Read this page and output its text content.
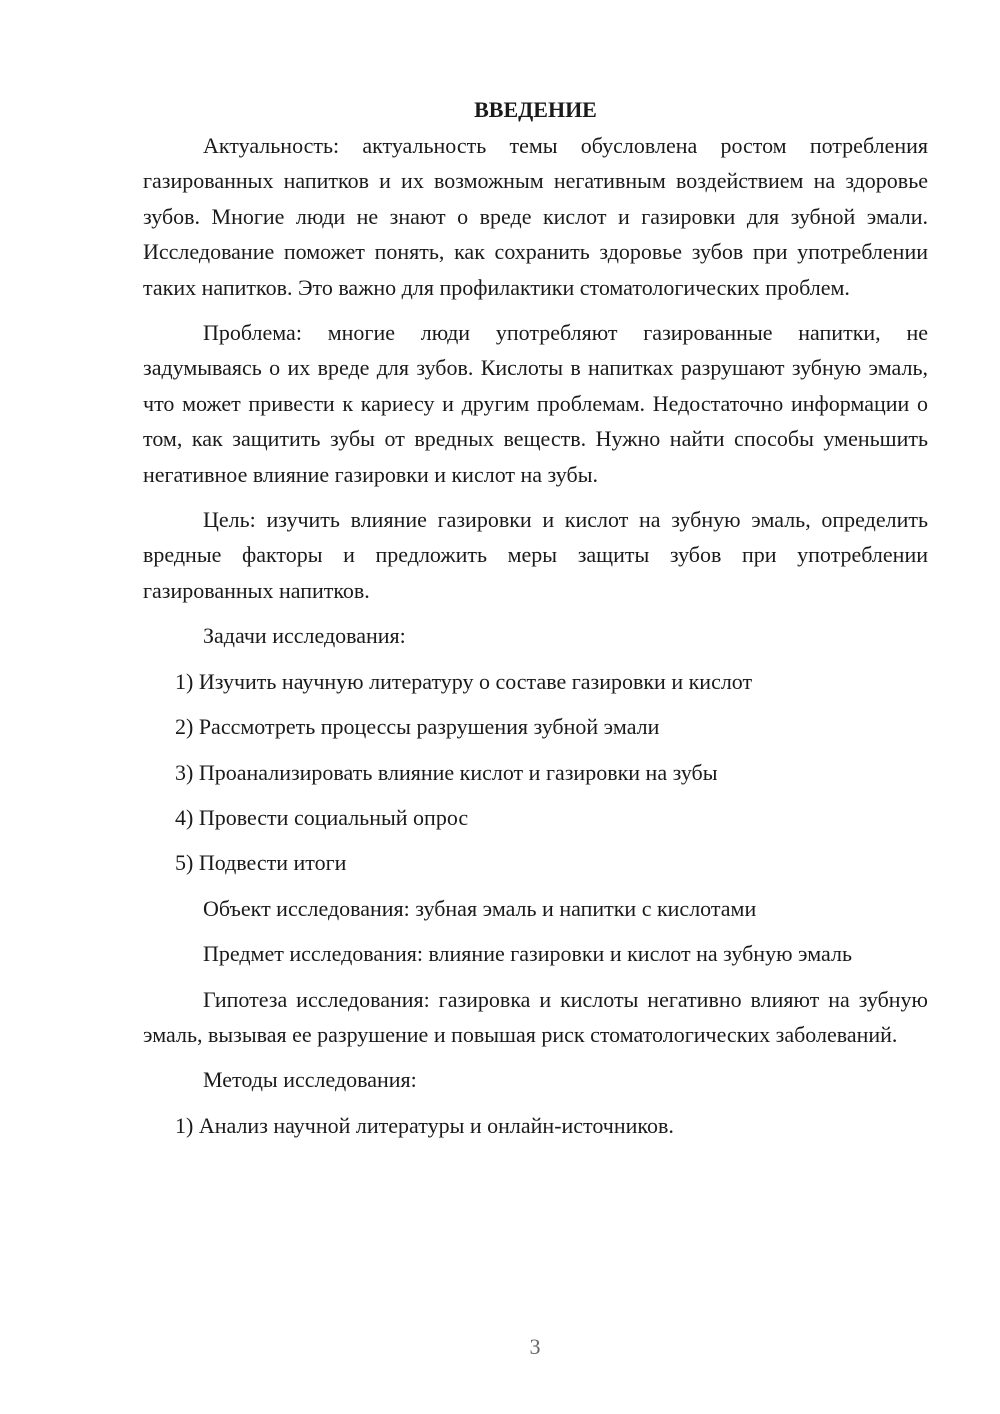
ВВЕДЕНИЕ

Актуальность: актуальность темы обусловлена ростом потребления газированных напитков и их возможным негативным воздействием на здоровье зубов. Многие люди не знают о вреде кислот и газировки для зубной эмали. Исследование поможет понять, как сохранить здоровье зубов при употреблении таких напитков. Это важно для профилактики стоматологических проблем.

Проблема: многие люди употребляют газированные напитки, не задумываясь о их вреде для зубов. Кислоты в напитках разрушают зубную эмаль, что может привести к кариесу и другим проблемам. Недостаточно информации о том, как защитить зубы от вредных веществ. Нужно найти способы уменьшить негативное влияние газировки и кислот на зубы.

Цель: изучить влияние газировки и кислот на зубную эмаль, определить вредные факторы и предложить меры защиты зубов при употреблении газированных напитков.

Задачи исследования:
1) Изучить научную литературу о составе газировки и кислот
2) Рассмотреть процессы разрушения зубной эмали
3) Проанализировать влияние кислот и газировки на зубы
4) Провести социальный опрос
5) Подвести итоги
Объект исследования: зубная эмаль и напитки с кислотами

Предмет исследования: влияние газировки и кислот на зубную эмаль

Гипотеза исследования: газировка и кислоты негативно влияют на зубную эмаль, вызывая ее разрушение и повышая риск стоматологических заболеваний.

Методы исследования:
1) Анализ научной литературы и онлайн-источников.
3
